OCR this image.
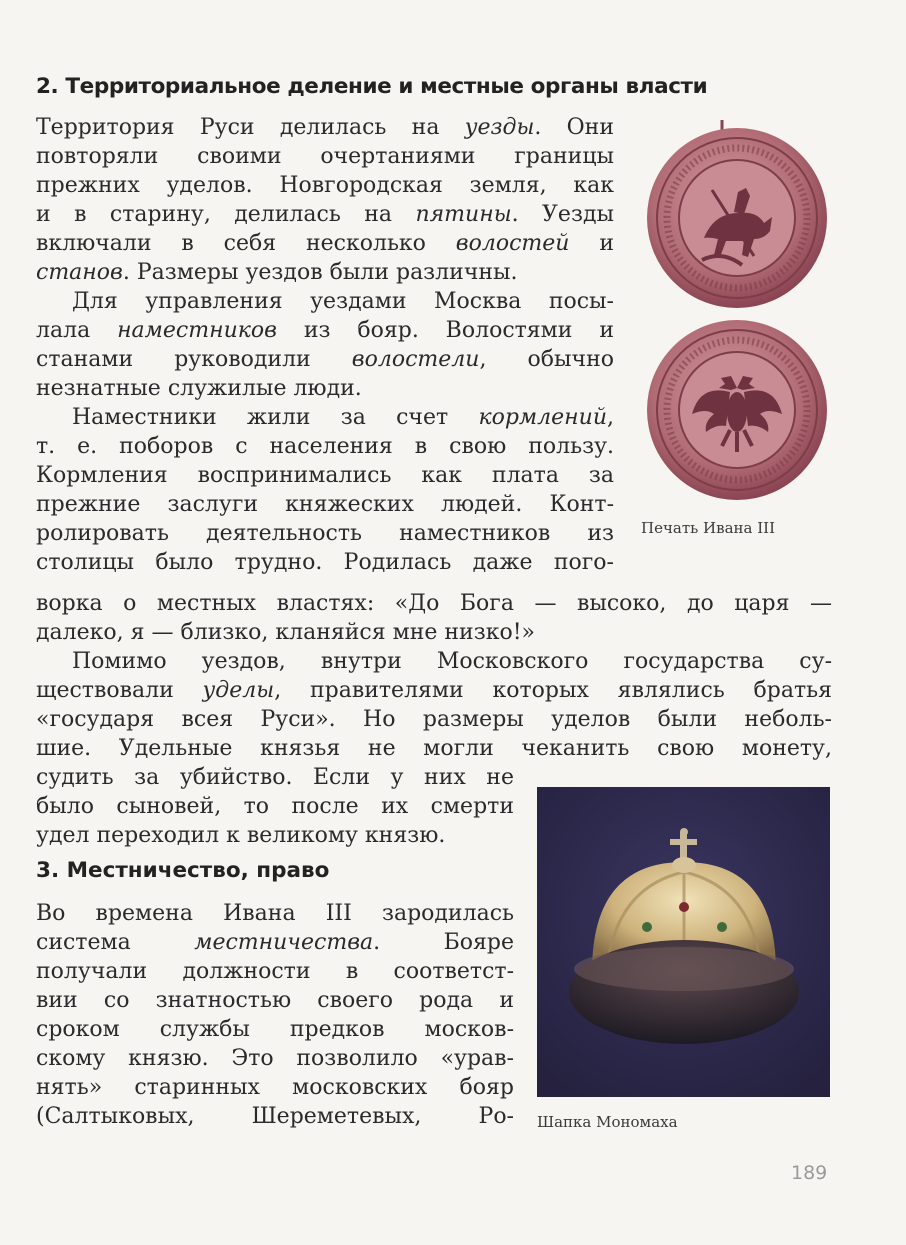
2. Территориальное деление и местные органы власти
Территория Руси делилась на уезды. Они
повторяли своими очертаниями границы
прежних уделов. Новгородская земля, как
и в старину, делилась на пятины. Уезды
включали в себя несколько волостей и
станов. Размеры уездов были различны.
Для управления уездами Москва посы-
лала наместников из бояр. Волостями и
станами руководили волостели, обычно
незнатные служилые люди.
Наместники жили за счет кормлений,
т. е. поборов с населения в свою пользу.
Кормления воспринимались как плата за
прежние заслуги княжеских людей. Конт-
ролировать деятельность наместников из
столицы было трудно. Родилась даже пого-
ворка о местных властях: «До Бога — высоко, до царя —
далеко, я — близко, кланяйся мне низко!»
Помимо уездов, внутри Московского государства су-
ществовали уделы, правителями которых являлись братья
«государя всея Руси». Но размеры уделов были неболь-
шие. Удельные князья не могли чеканить свою монету,
судить за убийство. Если у них не
было сыновей, то после их смерти
удел переходил к великому князю.
3. Местничество, право
Во времена Ивана III зародилась
система местничества. Бояре
получали должности в соответст-
вии со знатностью своего рода и
сроком службы предков москов-
скому князю. Это позволило «урав-
нять» старинных московских бояр
(Салтыковых, Шереметевых, Ро-
Печать Ивана III
Шапка Мономаха
189
